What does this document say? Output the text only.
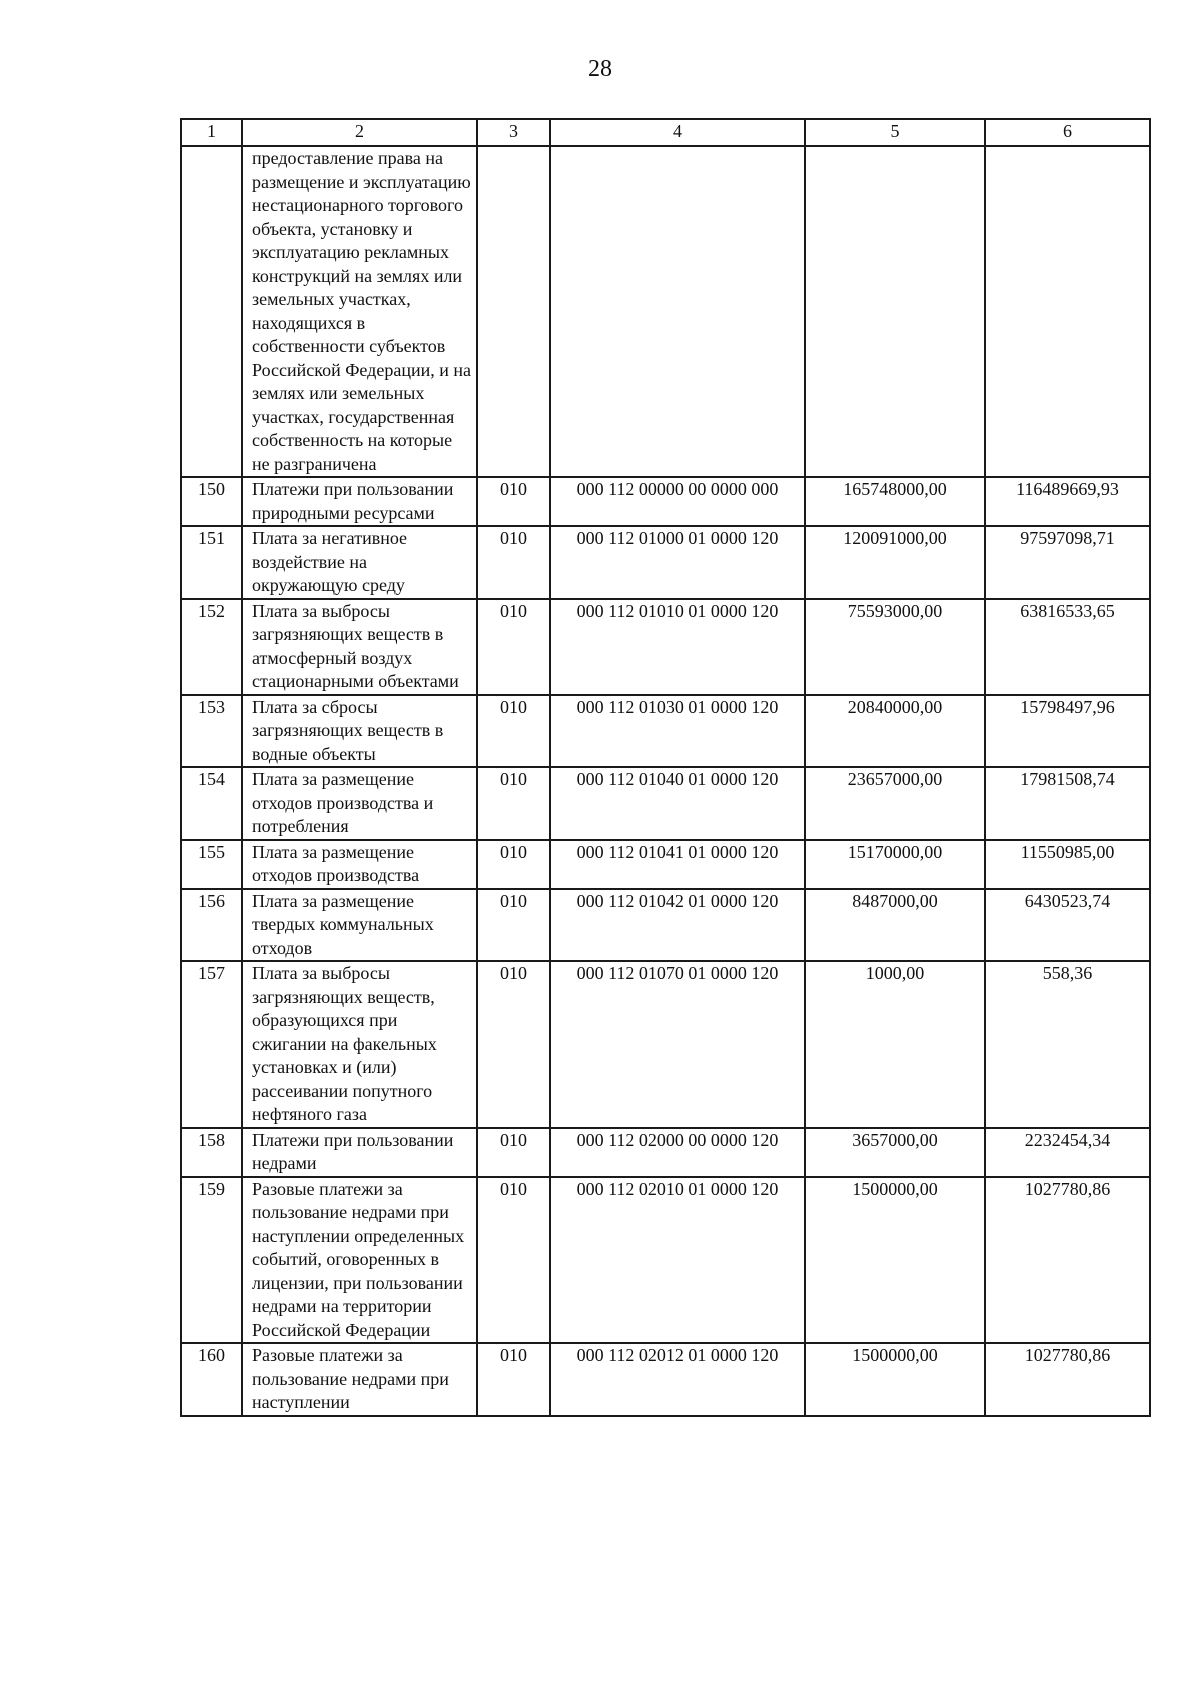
28
1	2	3	4	5	6
	предоставление права на размещение и эксплуатацию нестационарного торгового объекта, установку и эксплуатацию рекламных конструкций на землях или земельных участках, находящихся в собственности субъектов Российской Федерации, и на землях или земельных участках, государственная собственность на которые не разграничена				
150	Платежи при пользовании природными ресурсами	010	000 112 00000 00 0000 000	165748000,00	116489669,93
151	Плата за негативное воздействие на окружающую среду	010	000 112 01000 01 0000 120	120091000,00	97597098,71
152	Плата за выбросы загрязняющих веществ в атмосферный воздух стационарными объектами	010	000 112 01010 01 0000 120	75593000,00	63816533,65
153	Плата за сбросы загрязняющих веществ в водные объекты	010	000 112 01030 01 0000 120	20840000,00	15798497,96
154	Плата за размещение отходов производства и потребления	010	000 112 01040 01 0000 120	23657000,00	17981508,74
155	Плата за размещение отходов производства	010	000 112 01041 01 0000 120	15170000,00	11550985,00
156	Плата за размещение твердых коммунальных отходов	010	000 112 01042 01 0000 120	8487000,00	6430523,74
157	Плата за выбросы загрязняющих веществ, образующихся при сжигании на факельных установках и (или) рассеивании попутного нефтяного газа	010	000 112 01070 01 0000 120	1000,00	558,36
158	Платежи при пользовании недрами	010	000 112 02000 00 0000 120	3657000,00	2232454,34
159	Разовые платежи за пользование недрами при наступлении определенных событий, оговоренных в лицензии, при пользовании недрами на территории Российской Федерации	010	000 112 02010 01 0000 120	1500000,00	1027780,86
160	Разовые платежи за пользование недрами при наступлении	010	000 112 02012 01 0000 120	1500000,00	1027780,86
